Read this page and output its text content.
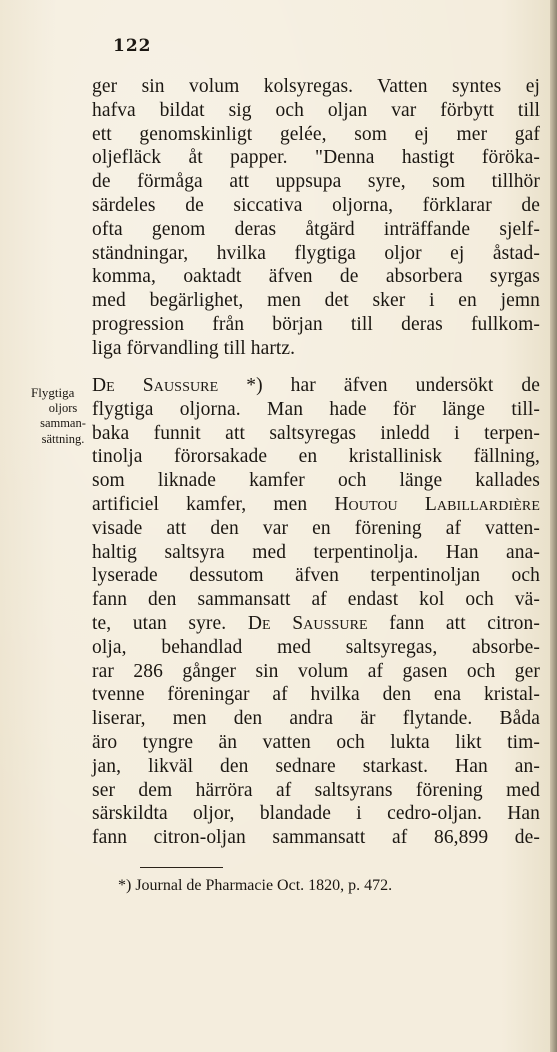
122
ger sin volum kolsyregas. Vatten syntes ej
hafva bildat sig och oljan var förbytt till
ett genomskinligt gelée, som ej mer gaf
oljefläck åt papper. "Denna hastigt föröka-
de förmåga att uppsupa syre, som tillhör
särdeles de siccativa oljorna, förklarar de
ofta genom deras åtgärd inträffande sjelf-
ständningar, hvilka flygtiga oljor ej åstad-
komma, oaktadt äfven de absorbera syrgas
med begärlighet, men det sker i en jemn
progression från början till deras fullkom-
liga förvandling till hartz.
Flygtiga
oljors
samman-
sättning.
De Saussure *) har äfven undersökt de
flygtiga oljorna. Man hade för länge till-
baka funnit att saltsyregas inledd i terpen-
tinolja förorsakade en kristallinisk fällning,
som liknade kamfer och länge kallades
artificiel kamfer, men Houtou Labillardière
visade att den var en förening af vatten-
haltig saltsyra med terpentinolja. Han ana-
lyserade dessutom äfven terpentinoljan och
fann den sammansatt af endast kol och vä-
te, utan syre. De Saussure fann att citron-
olja, behandlad med saltsyregas, absorbe-
rar 286 gånger sin volum af gasen och ger
tvenne föreningar af hvilka den ena kristal-
liserar, men den andra är flytande. Båda
äro tyngre än vatten och lukta likt tim-
jan, likväl den sednare starkast. Han an-
ser dem härröra af saltsyrans förening med
särskildta oljor, blandade i cedro-oljan. Han
fann citron-oljan sammansatt af 86,899 de-
*) Journal de Pharmacie Oct. 1820, p. 472.
